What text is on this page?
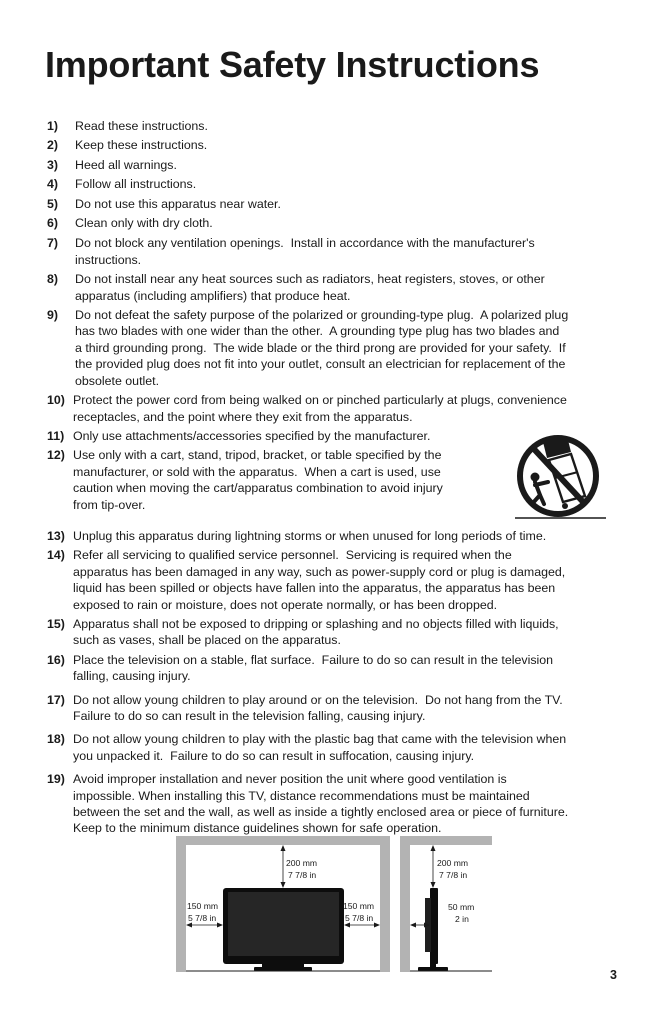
Important Safety Instructions
1) Read these instructions.
2) Keep these instructions.
3) Heed all warnings.
4) Follow all instructions.
5) Do not use this apparatus near water.
6) Clean only with dry cloth.
7) Do not block any ventilation openings.  Install in accordance with the manufacturer's
instructions.
8) Do not install near any heat sources such as radiators, heat registers, stoves, or other
apparatus (including amplifiers) that produce heat.
9) Do not defeat the safety purpose of the polarized or grounding-type plug.  A polarized plug
has two blades with one wider than the other.  A grounding type plug has two blades and
a third grounding prong.  The wide blade or the third prong are provided for your safety.  If
the provided plug does not fit into your outlet, consult an electrician for replacement of the
obsolete outlet.
10) Protect the power cord from being walked on or pinched particularly at plugs, convenience
receptacles, and the point where they exit from the apparatus.
11) Only use attachments/accessories specified by the manufacturer.
12) Use only with a cart, stand, tripod, bracket, or table specified by the
manufacturer, or sold with the apparatus.  When a cart is used, use
caution when moving the cart/apparatus combination to avoid injury
from tip-over.
13) Unplug this apparatus during lightning storms or when unused for long periods of time.
14) Refer all servicing to qualified service personnel.  Servicing is required when the
apparatus has been damaged in any way, such as power-supply cord or plug is damaged,
liquid has been spilled or objects have fallen into the apparatus, the apparatus has been
exposed to rain or moisture, does not operate normally, or has been dropped.
15) Apparatus shall not be exposed to dripping or splashing and no objects filled with liquids,
such as vases, shall be placed on the apparatus.
16) Place the television on a stable, flat surface.  Failure to do so can result in the television
falling, causing injury.
17) Do not allow young children to play around or on the television.  Do not hang from the TV.
Failure to do so can result in the television falling, causing injury.
18) Do not allow young children to play with the plastic bag that came with the television when
you unpacked it.  Failure to do so can result in suffocation, causing injury.
19) Avoid improper installation and never position the unit where good ventilation is
impossible. When installing this TV, distance recommendations must be maintained
between the set and the wall, as well as inside a tightly enclosed area or piece of furniture.
Keep to the minimum distance guidelines shown for safe operation.
200 mm
7 7/8 in
150 mm
5 7/8 in
150 mm
5 7/8 in
200 mm
7 7/8 in
50 mm
2 in
3
